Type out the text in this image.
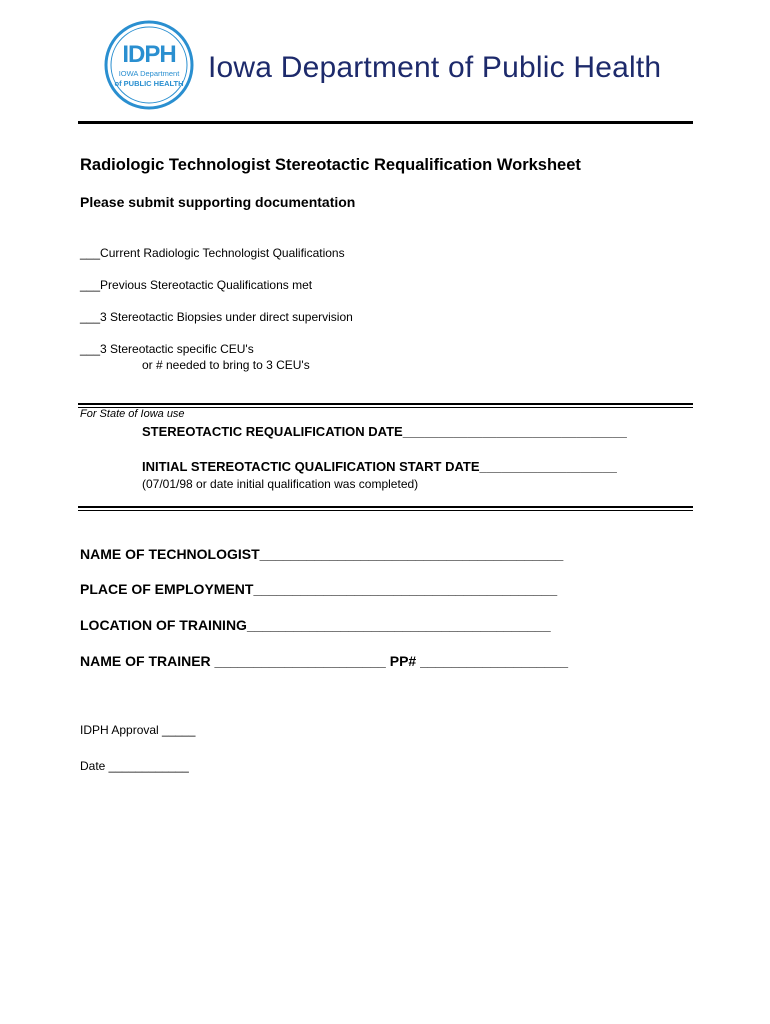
IDPH
IOWA Department
of PUBLIC HEALTH Iowa Department of Public Health
Radiologic Technologist Stereotactic Requalification Worksheet
Please submit supporting documentation
___Current Radiologic Technologist Qualifications
___Previous Stereotactic Qualifications met
___3 Stereotactic Biopsies under direct supervision
___3 Stereotactic specific CEU's
or # needed to bring to 3 CEU's
For State of Iowa use
STEREOTACTIC REQUALIFICATION DATE_______________________________
INITIAL STEREOTACTIC QUALIFICATION START DATE___________________
(07/01/98 or date initial qualification was completed)
NAME OF TECHNOLOGIST_______________________________________
PLACE OF EMPLOYMENT_______________________________________
LOCATION OF TRAINING_______________________________________
NAME OF TRAINER ______________________ PP# ___________________
IDPH Approval _____
Date ____________
